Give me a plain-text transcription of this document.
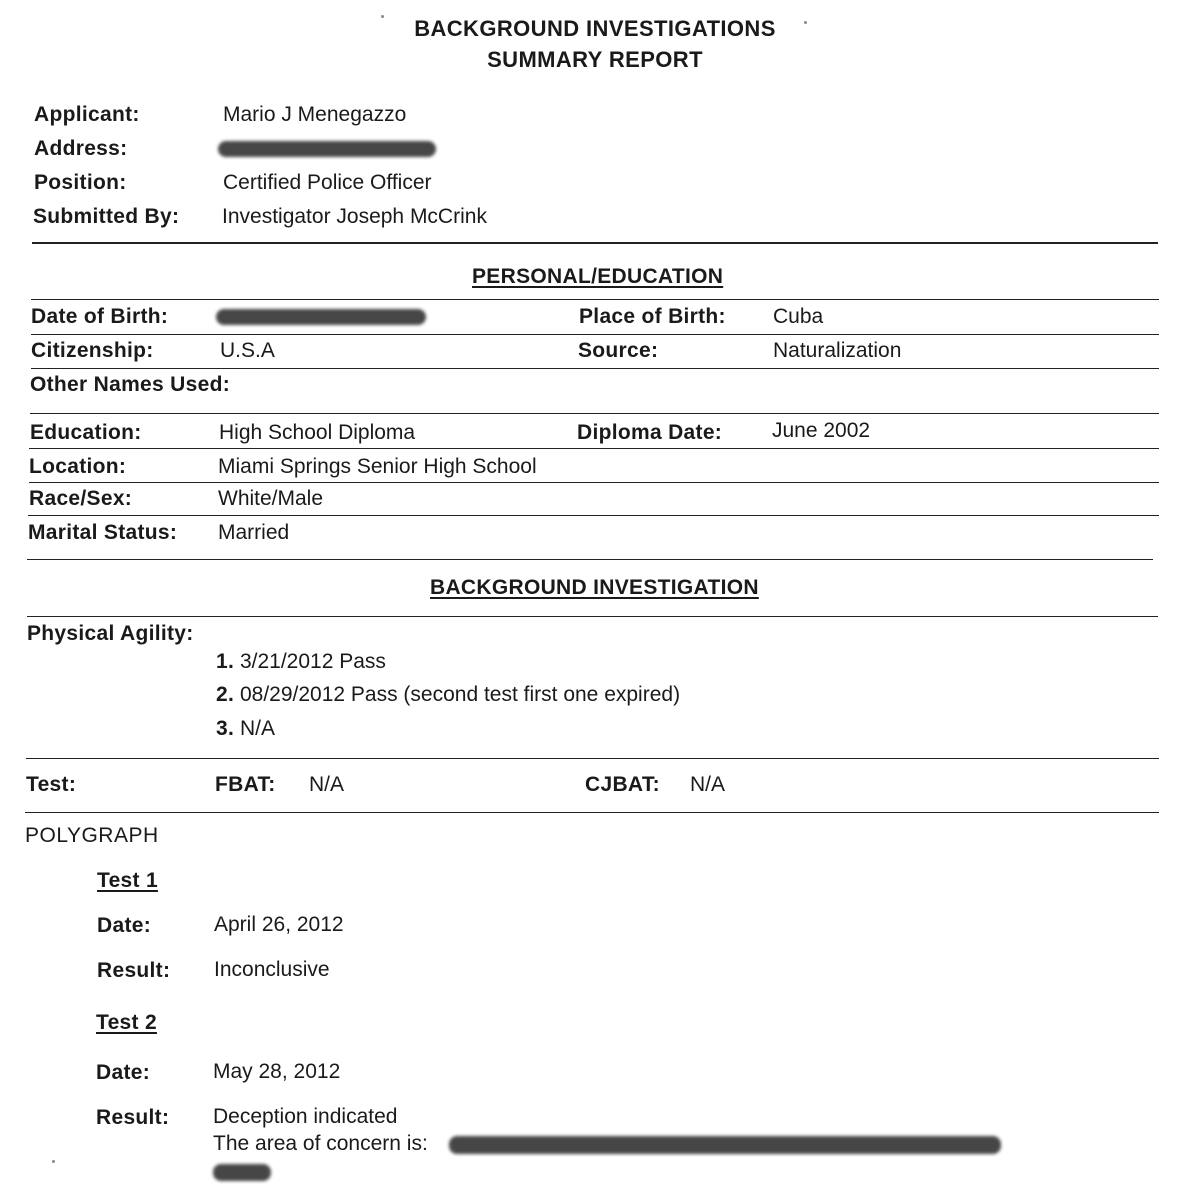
BACKGROUND INVESTIGATIONS
SUMMARY REPORT
Applicant:	Mario J Menegazzo
Address:
Position:	Certified Police Officer
Submitted By: Investigator Joseph McCrink
PERSONAL/EDUCATION
Date of Birth:	Place of Birth: Cuba
Citizenship:	U.S.A	Source:	Naturalization
Other Names Used:
Education:	High School Diploma	Diploma Date: June 2002
Location:	Miami Springs Senior High School
Race/Sex:	White/Male
Marital Status: Married
BACKGROUND INVESTIGATION
Physical Agility:
1. 3/21/2012 Pass
2. 08/29/2012 Pass (second test first one expired)
3. N/A
Test:	FBAT: N/A	CJBAT: N/A
POLYGRAPH
Test 1
Date:	April 26, 2012
Result: Inconclusive
Test 2
Date:	May 28, 2012
Result: Deception indicated
The area of concern is:
